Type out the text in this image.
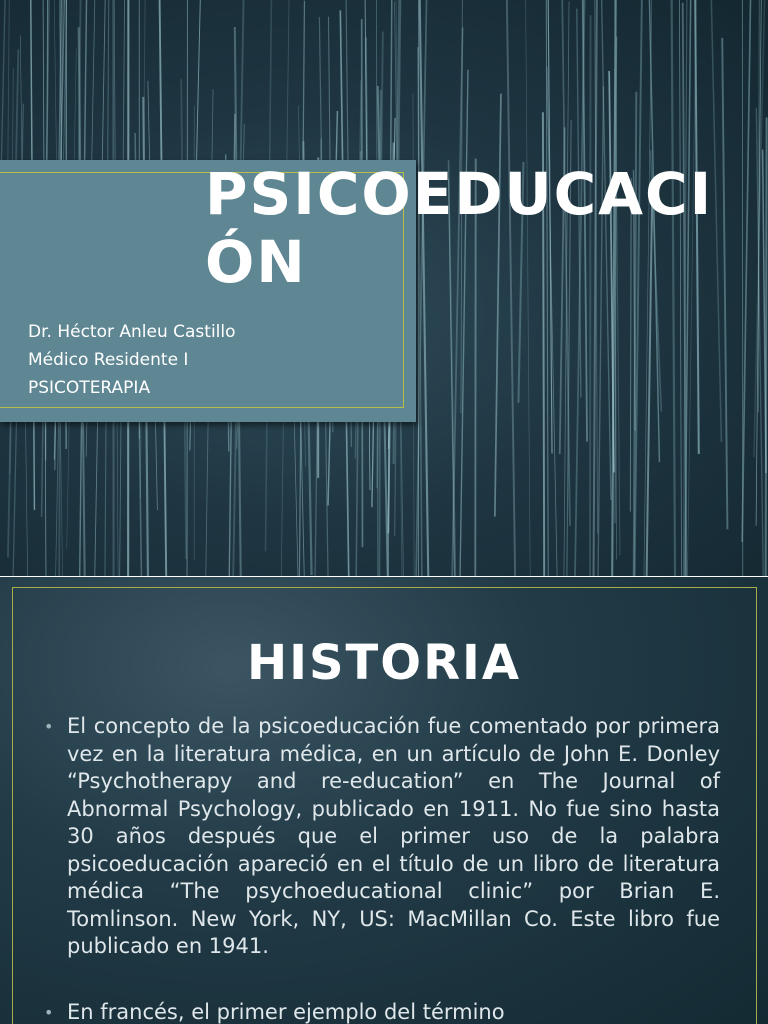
PSICOEDUCACIÓN
Dr. Héctor Anleu Castillo
Médico Residente I
PSICOTERAPIA
HISTORIA
• El concepto de la psicoeducación fue comentado por primera vez en la literatura médica, en un artículo de John E. Donley “Psychotherapy and re-education” en The Journal of Abnormal Psychology, publicado en 1911. No fue sino hasta 30 años después que el primer uso de la palabra psicoeducación apareció en el título de un libro de literatura médica “The psychoeducational clinic” por Brian E. Tomlinson. New York, NY, US: MacMillan Co. Este libro fue publicado en 1941.
• En francés, el primer ejemplo del término
